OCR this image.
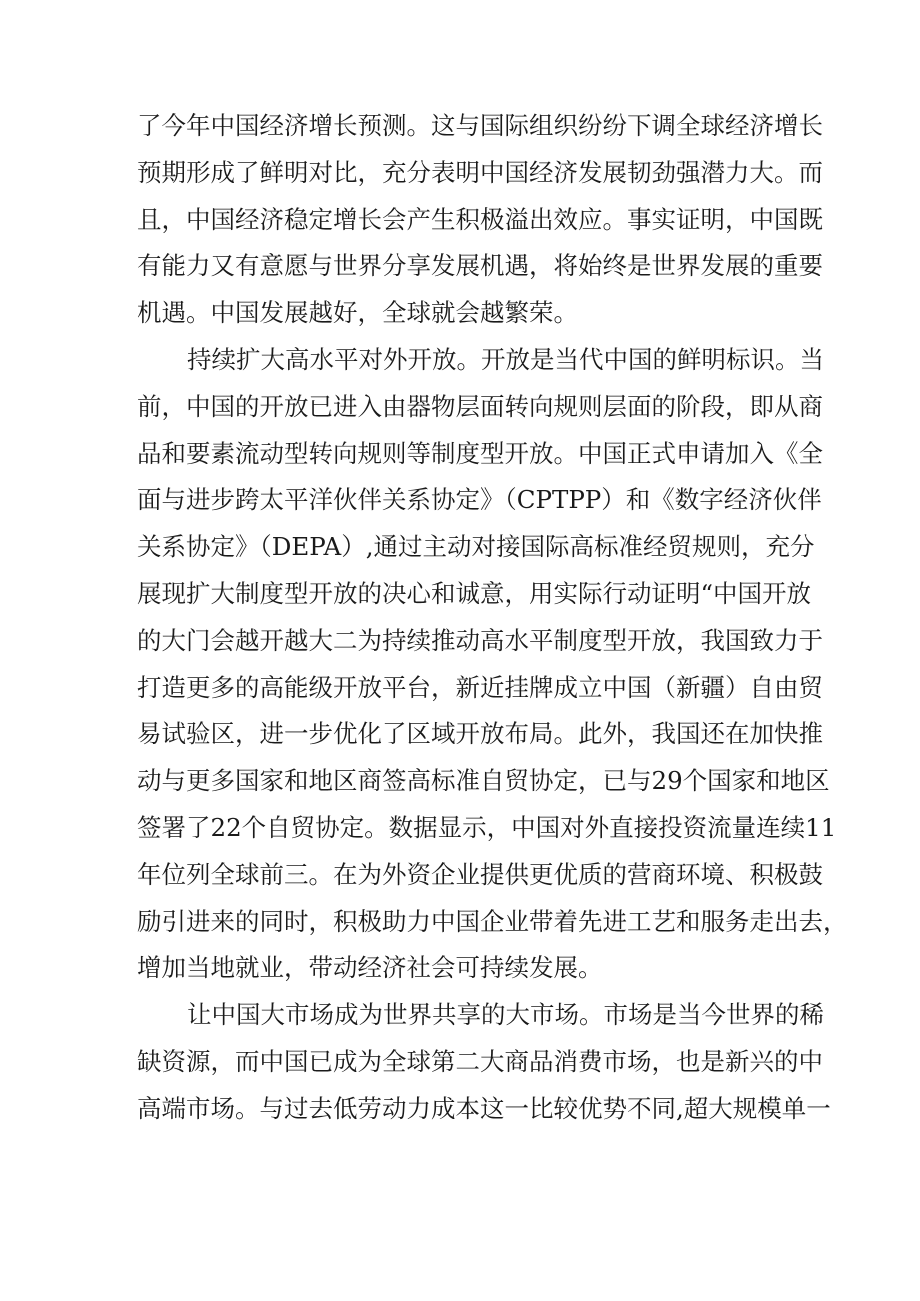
了今年中国经济增长预测。这与国际组织纷纷下调全球经济增长
预期形成了鲜明对比，充分表明中国经济发展韧劲强潜力大。而
且，中国经济稳定增长会产生积极溢出效应。事实证明，中国既
有能力又有意愿与世界分享发展机遇，将始终是世界发展的重要
机遇。中国发展越好，全球就会越繁荣。
持续扩大高水平对外开放。开放是当代中国的鲜明标识。当
前，中国的开放已进入由器物层面转向规则层面的阶段，即从商
品和要素流动型转向规则等制度型开放。中国正式申请加入《全
面与进步跨太平洋伙伴关系协定》（CPTPP）和《数字经济伙伴
关系协定》（DEPA）,通过主动对接国际高标准经贸规则，充分
展现扩大制度型开放的决心和诚意，用实际行动证明“中国开放
的大门会越开越大二为持续推动高水平制度型开放，我国致力于
打造更多的高能级开放平台，新近挂牌成立中国（新疆）自由贸
易试验区，进一步优化了区域开放布局。此外，我国还在加快推
动与更多国家和地区商签高标准自贸协定，已与29个国家和地区
签署了22个自贸协定。数据显示，中国对外直接投资流量连续11
年位列全球前三。在为外资企业提供更优质的营商环境、积极鼓
励引进来的同时，积极助力中国企业带着先进工艺和服务走出去，
增加当地就业，带动经济社会可持续发展。
让中国大市场成为世界共享的大市场。市场是当今世界的稀
缺资源，而中国已成为全球第二大商品消费市场，也是新兴的中
高端市场。与过去低劳动力成本这一比较优势不同,超大规模单一
